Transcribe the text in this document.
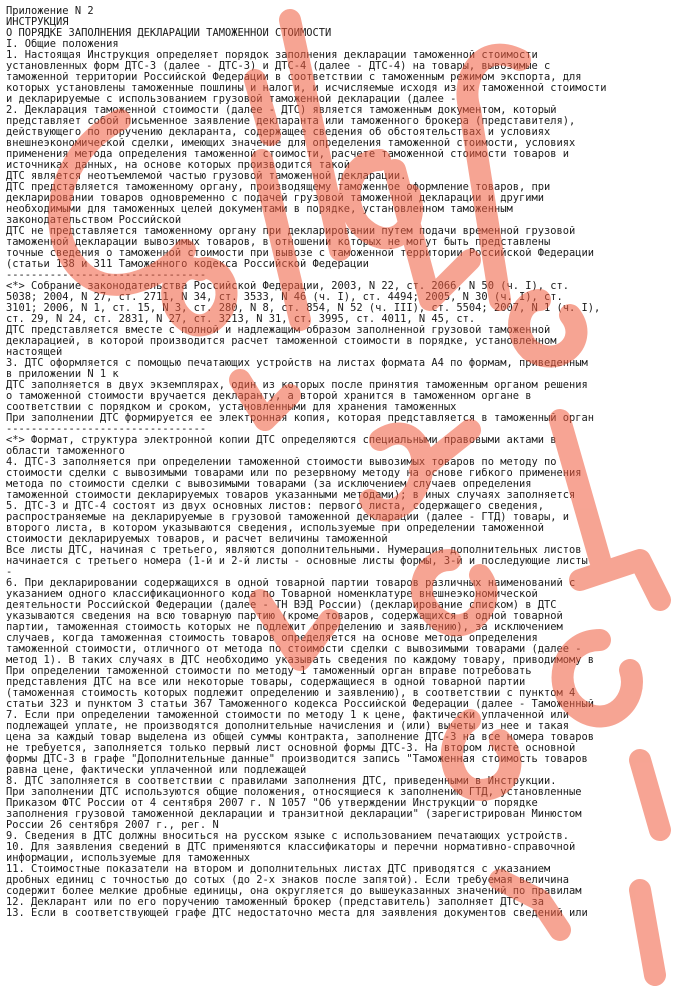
Приложение N 2
ИНСТРУКЦИЯ
О ПОРЯДКЕ ЗАПОЛНЕНИЯ ДЕКЛАРАЦИИ ТАМОЖЕННОЙ СТОИМОСТИ
I. Общие положения
1. Настоящая Инструкция определяет порядок заполнения декларации таможенной стоимости
установленных форм ДТС-3 (далее - ДТС-3) и ДТС-4 (далее - ДТС-4) на товары, вывозимые с
таможенной территории Российской Федерации в соответствии с таможенным режимом экспорта, для
которых установлены таможенные пошлины и налоги, и исчисляемые исходя из их таможенной стоимости
и декларируемые с использованием грузовой таможенной декларации (далее -
2. Декларация таможенной стоимости (далее - ДТС) является таможенным документом, который
представляет собой письменное заявление декларанта или таможенного брокера (представителя),
действующего по поручению декларанта, содержащее сведения об обстоятельствах и условиях
внешнеэкономической сделки, имеющих значение для определения таможенной стоимости, условиях
применения метода определения таможенной стоимости, расчете таможенной стоимости товаров и
источниках данных, на основе которых производится такой
ДТС является неотъемлемой частью грузовой таможенной декларации.
ДТС представляется таможенному органу, производящему таможенное оформление товаров, при
декларировании товаров одновременно с подачей грузовой таможенной декларации и другими
необходимыми для таможенных целей документами в порядке, установленном таможенным
законодательством Российской
ДТС не представляется таможенному органу при декларировании путем подачи временной грузовой
таможенной декларации вывозимых товаров, в отношении которых не могут быть представлены
точные сведения о таможенной стоимости при вывозе с таможенной территории Российской Федерации
(статьи 138 и 311 Таможенного кодекса Российской Федерации
--------------------------------
<*> Собрание законодательства Российской Федерации, 2003, N 22, ст. 2066, N 50 (ч. I), ст.
5038; 2004, N 27, ст. 2711, N 34, ст. 3533, N 46 (ч. I), ст. 4494; 2005, N 30 (ч. I), ст.
3101; 2006, N 1, ст. 15, N 3, ст. 280, N 8, ст. 854, N 52 (ч. III), ст. 5504; 2007, N 1 (ч. I),
ст. 29, N 24, ст. 2831, N 27, ст. 3213, N 31, ст. 3995, ст. 4011, N 45, ст.
ДТС представляется вместе с полной и надлежащим образом заполненной грузовой таможенной
декларацией, в которой производится расчет таможенной стоимости в порядке, установленном
настоящей
3. ДТС оформляется с помощью печатающих устройств на листах формата А4 по формам, приведенным
в приложении N 1 к
ДТС заполняется в двух экземплярах, один из которых после принятия таможенным органом решения
о таможенной стоимости вручается декларанту, а второй хранится в таможенном органе в
соответствии с порядком и сроком, установленными для хранения таможенных
При заполнении ДТС формируется ее электронная копия, которая представляется в таможенный орган
--------------------------------
<*> Формат, структура электронной копии ДТС определяются специальными правовыми актами в
области таможенного
4. ДТС-3 заполняется при определении таможенной стоимости вывозимых товаров по методу по
стоимости сделки с вывозимыми товарами или по резервному методу на основе гибкого применения
метода по стоимости сделки с вывозимыми товарами (за исключением случаев определения
таможенной стоимости декларируемых товаров указанными методами); в иных случаях заполняется
5. ДТС-3 и ДТС-4 состоят из двух основных листов: первого листа, содержащего сведения,
распространяемые на декларируемые в грузовой таможенной декларации (далее - ГТД) товары, и
второго листа, в котором указываются сведения, используемые при определении таможенной
стоимости декларируемых товаров, и расчет величины таможенной
Все листы ДТС, начиная с третьего, являются дополнительными. Нумерация дополнительных листов
начинается с третьего номера (1-й и 2-й листы - основные листы формы, 3-й и последующие листы
-
6. При декларировании содержащихся в одной товарной партии товаров различных наименований с
указанием одного классификационного кода по Товарной номенклатуре внешнеэкономической
деятельности Российской Федерации (далее - ТН ВЭД России) (декларирование списком) в ДТС
указываются сведения на всю товарную партию (кроме товаров, содержащихся в одной товарной
партии, таможенная стоимость которых не подлежит определению и заявлению), за исключением
случаев, когда таможенная стоимость товаров определяется на основе метода определения
таможенной стоимости, отличного от метода по стоимости сделки с вывозимыми товарами (далее -
метод 1). В таких случаях в ДТС необходимо указывать сведения по каждому товару, приводимому в
При определении таможенной стоимости по методу 1 таможенный орган вправе потребовать
представления ДТС на все или некоторые товары, содержащиеся в одной товарной партии
(таможенная стоимость которых подлежит определению и заявлению), в соответствии с пунктом 4
статьи 323 и пунктом 3 статьи 367 Таможенного кодекса Российской Федерации (далее - Таможенный
7. Если при определении таможенной стоимости по методу 1 к цене, фактически уплаченной или
подлежащей уплате, не производятся дополнительные начисления и (или) вычеты из нее и такая
цена за каждый товар выделена из общей суммы контракта, заполнение ДТС-3 на все номера товаров
не требуется, заполняется только первый лист основной формы ДТС-3. На втором листе основной
формы ДТС-3 в графе "Дополнительные данные" производится запись "Таможенная стоимость товаров
равна цене, фактически уплаченной или подлежащей
8. ДТС заполняется в соответствии с правилами заполнения ДТС, приведенными в Инструкции.
При заполнении ДТС используются общие положения, относящиеся к заполнению ГТД, установленные
Приказом ФТС России от 4 сентября 2007 г. N 1057 "Об утверждении Инструкции о порядке
заполнения грузовой таможенной декларации и транзитной декларации" (зарегистрирован Минюстом
России 26 сентября 2007 г., рег. N
9. Сведения в ДТС должны вноситься на русском языке с использованием печатающих устройств.
10. Для заявления сведений в ДТС применяются классификаторы и перечни нормативно-справочной
информации, используемые для таможенных
11. Стоимостные показатели на втором и дополнительных листах ДТС приводятся с указанием
дробных единиц с точностью до сотых (до 2-х знаков после запятой). Если требуемая величина
содержит более мелкие дробные единицы, она округляется до вышеуказанных значений по правилам
12. Декларант или по его поручению таможенный брокер (представитель) заполняет ДТС, за
13. Если в соответствующей графе ДТС недостаточно места для заявления документов сведений или
